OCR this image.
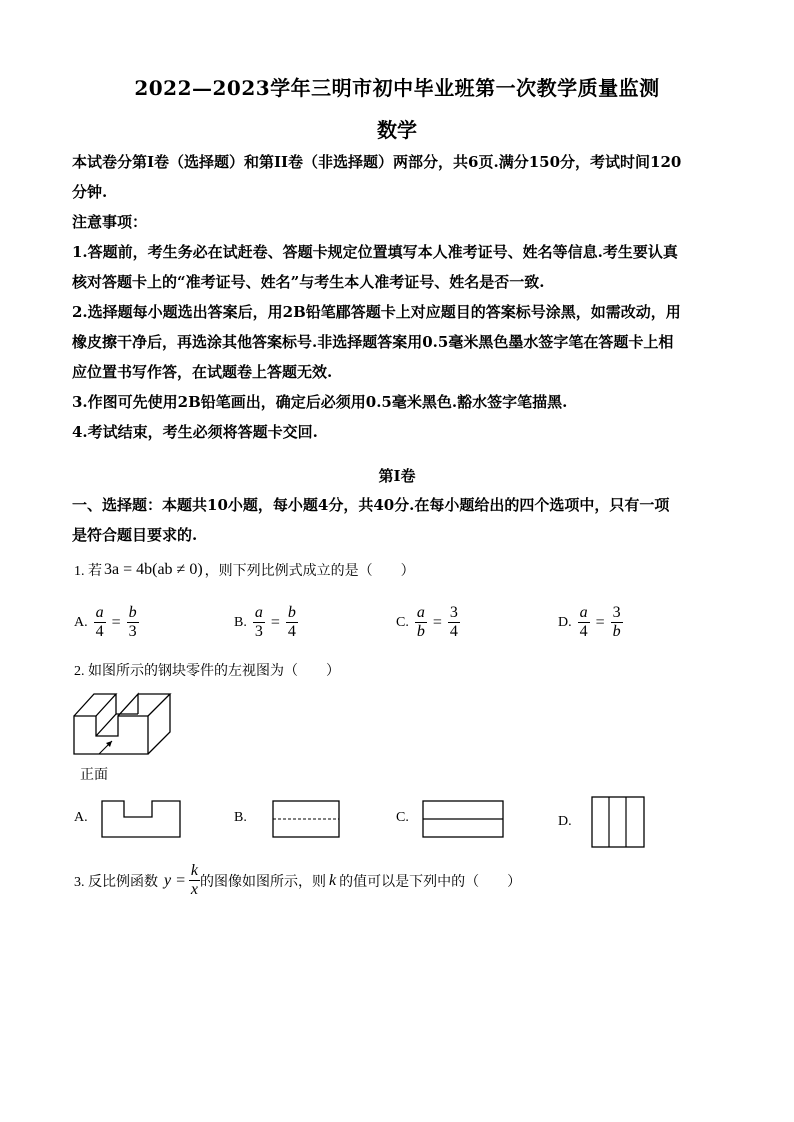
2022—2023学年三明市初中毕业班第一次教学质量监测
数学
本试卷分第I卷（选择题）和第II卷（非选择题）两部分，共6页.满分150分，考试时间120
分钟.
注意事项：
1.答题前，考生务必在试赶卷、答题卡规定位置填写本人准考证号、姓名等信息.考生要认真
核对答题卡上的“准考证号、姓名”与考生本人准考证号、姓名是否一致.
2.选择题每小题选出答案后，用2B铅笔郿答题卡上对应题目的答案标号涂黑，如需改动，用
橡皮擦干净后，再选涂其他答案标号.非选择题答案用0.5毫米黑色墨水签字笔在答题卡上相
应位置书写作答，在试题卷上答题无效.
3.作图可先使用2B铅笔画出，确定后必须用0.5毫米黑色.豁水签字笔描黑.
4.考试结束，考生必须将答题卡交回.
第I卷
一、选择题：本题共10小题，每小题4分，共40分.在每小题给出的四个选项中，只有一项
是符合题目要求的.
1. 若 3a = 4b(ab ≠ 0) ，则下列比例式成立的是（　　）
A. $\frac{a}{4} = \frac{b}{3}$	B. $\frac{a}{3} = \frac{b}{4}$	C. $\frac{a}{b} = \frac{3}{4}$	D. $\frac{a}{4} = \frac{3}{b}$
2. 如图所示的钢块零件的左视图为（　　）
正面
A.	B.	C.	D.
3. 反比例函数 $y = \frac{k}{x}$ 的图像如图所示，则 k 的值可以是下列中的（　　）
